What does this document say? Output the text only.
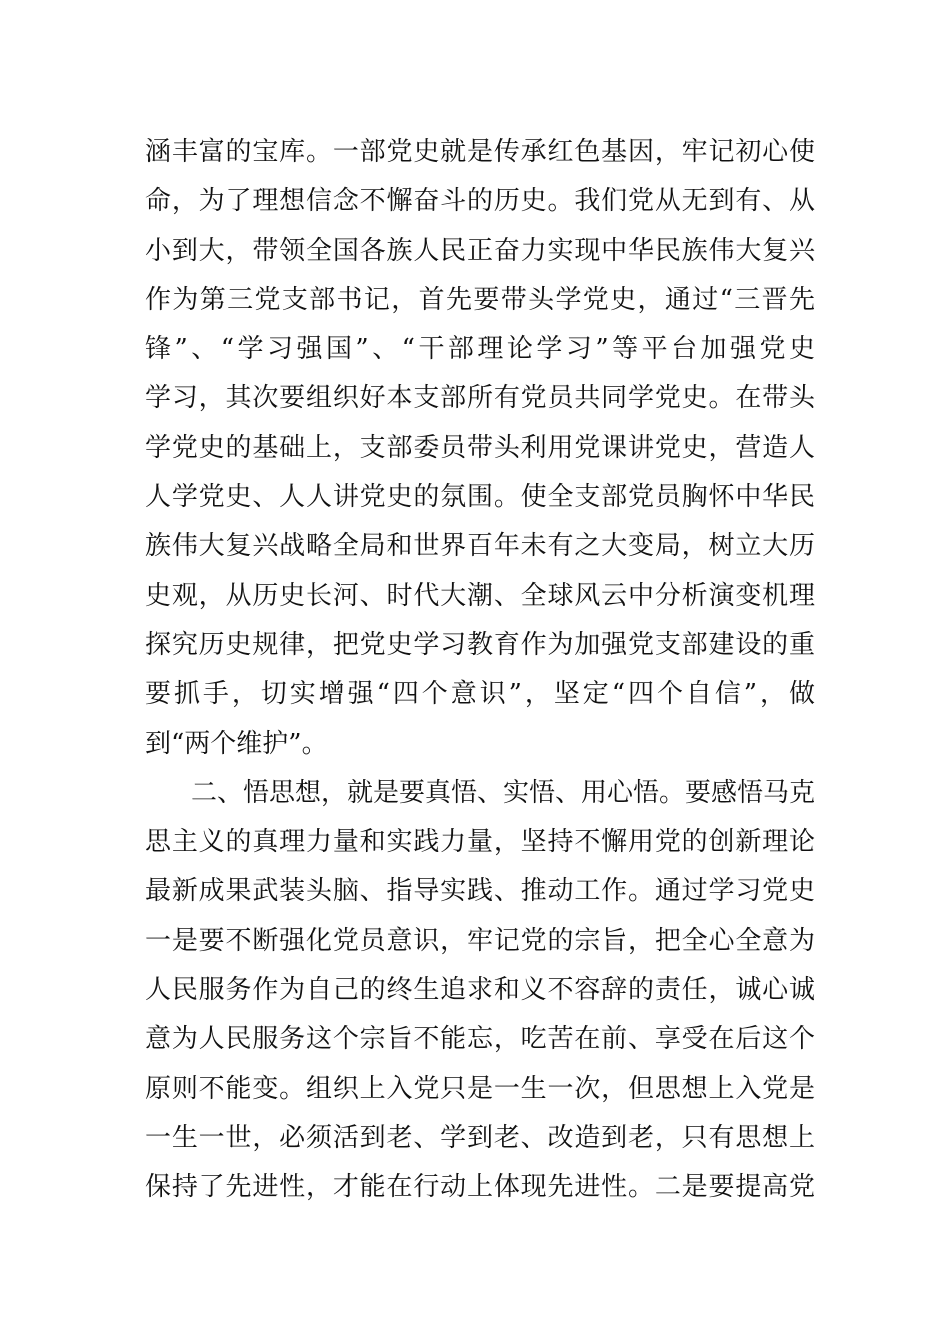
涵丰富的宝库。一部党史就是传承红色基因，牢记初心使
命，为了理想信念不懈奋斗的历史。我们党从无到有、从
小到大，带领全国各族人民正奋力实现中华民族伟大复兴
作为第三党支部书记，首先要带头学党史，通过“三晋先
锋”、“学习强国”、“干部理论学习”等平台加强党史
学习，其次要组织好本支部所有党员共同学党史。在带头
学党史的基础上，支部委员带头利用党课讲党史，营造人
人学党史、人人讲党史的氛围。使全支部党员胸怀中华民
族伟大复兴战略全局和世界百年未有之大变局，树立大历
史观，从历史长河、时代大潮、全球风云中分析演变机理
探究历史规律，把党史学习教育作为加强党支部建设的重
要抓手，切实增强“四个意识”，坚定“四个自信”，做
到“两个维护”。
二、悟思想，就是要真悟、实悟、用心悟。要感悟马克
思主义的真理力量和实践力量，坚持不懈用党的创新理论
最新成果武装头脑、指导实践、推动工作。通过学习党史
一是要不断强化党员意识，牢记党的宗旨，把全心全意为
人民服务作为自己的终生追求和义不容辞的责任，诚心诚
意为人民服务这个宗旨不能忘，吃苦在前、享受在后这个
原则不能变。组织上入党只是一生一次，但思想上入党是
一生一世，必须活到老、学到老、改造到老，只有思想上
保持了先进性，才能在行动上体现先进性。二是要提高党
